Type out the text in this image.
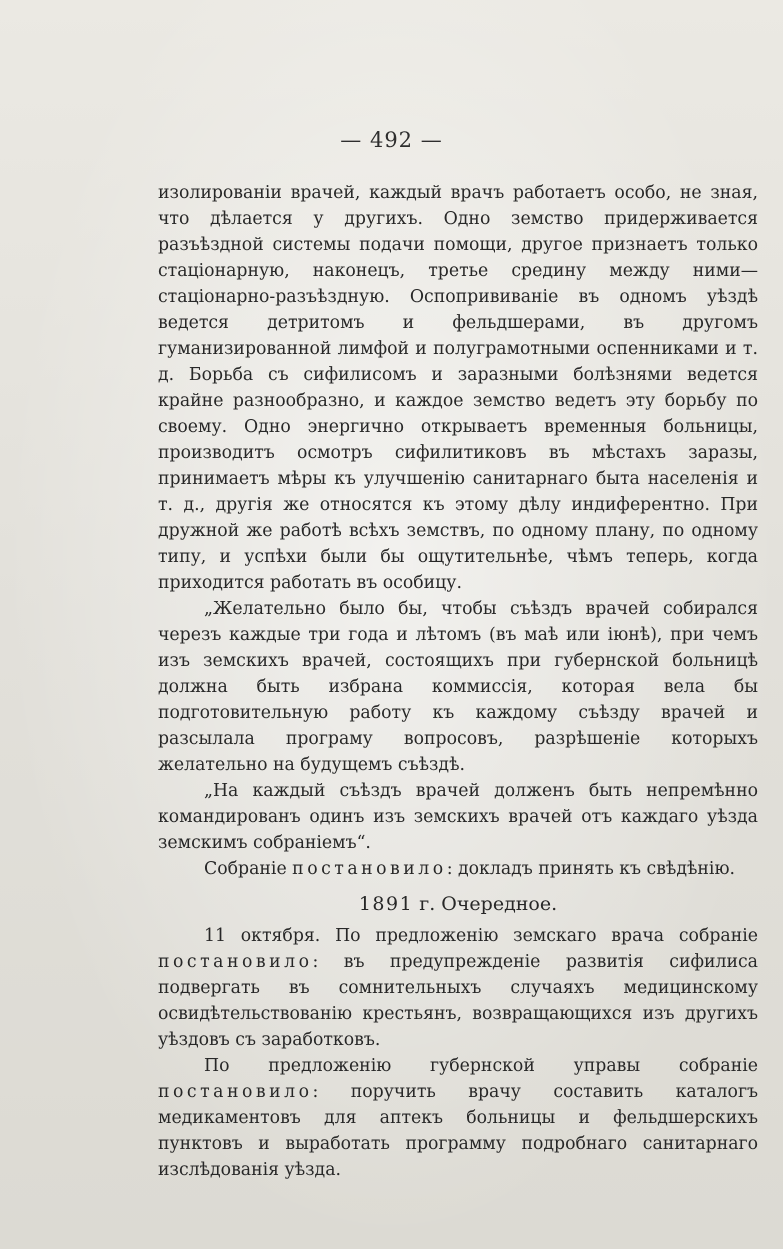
— 492 —

изолированіи врачей, каждый врачъ работаетъ особо, не зная, что дѣлается у другихъ. Одно земство придерживается разъѣздной системы подачи помощи, другое признаетъ только стаціонарную, наконецъ, третье средину между ними—стаціонарно-разъѣздную. Оспопрививаніе въ одномъ уѣздѣ ведется детритомъ и фельдшерами, въ другомъ гуманизированной лимфой и полуграмотными оспенниками и т. д. Борьба съ сифилисомъ и заразными болѣзнями ведется крайне разнообразно, и каждое земство ведетъ эту борьбу по своему. Одно энергично открываетъ временныя больницы, производитъ осмотръ сифилитиковъ въ мѣстахъ заразы, принимаетъ мѣры къ улучшенію санитарнаго быта населенія и т. д., другія же относятся къ этому дѣлу индиферентно. При дружной же работѣ всѣхъ земствъ, по одному плану, по одному типу, и успѣхи были бы ощутительнѣе, чѣмъ теперь, когда приходится работать въ особицу.

„Желательно было бы, чтобы съѣздъ врачей собирался черезъ каждые три года и лѣтомъ (въ маѣ или іюнѣ), при чемъ изъ земскихъ врачей, состоящихъ при губернской больницѣ должна быть избрана коммиссія, которая вела бы подготовительную работу къ каждому съѣзду врачей и разсылала програму вопросовъ, разрѣшеніе которыхъ желательно на будущемъ съѣздѣ.

„На каждый съѣздъ врачей долженъ быть непремѣнно командированъ одинъ изъ земскихъ врачей отъ каждаго уѣзда земскимъ собраніемъ“.

Собраніе постановило: докладъ принять къ свѣдѣнію.

1891 г. Очередное.

11 октября. По предложенію земскаго врача собраніе постановило: въ предупрежденіе развитія сифилиса подвергать въ сомнительныхъ случаяхъ медицинскому освидѣтельствованію крестьянъ, возвращающихся изъ другихъ уѣздовъ съ заработковъ.

По предложенію губернской управы собраніе постановило: поручить врачу составить каталогъ медикаментовъ для аптекъ больницы и фельдшерскихъ пунктовъ и выработать программу подробнаго санитарнаго изслѣдованія уѣзда.
